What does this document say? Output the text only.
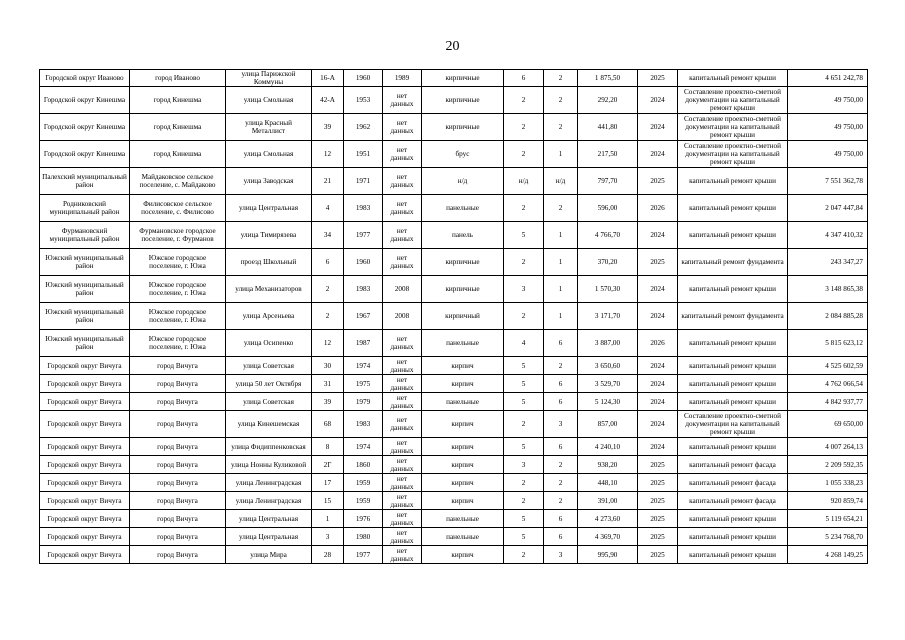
20
Городской округ Иваново	город Иваново	улица Парижской Коммуны	16-А	1960	1989	кирпичные	6	2	1 875,50	2025	капитальный ремонт крыши	4 651 242,78
Городской округ Кинешма	город Кинешма	улица Смольная	42-А	1953	нет данных	кирпичные	2	2	292,20	2024	Составление проектно-сметной документации на капитальный ремонт крыши	49 750,00
Городской округ Кинешма	город Кинешма	улица Красный Металлист	39	1962	нет данных	кирпичные	2	2	441,80	2024	Составление проектно-сметной документации на капитальный ремонт крыши	49 750,00
Городской округ Кинешма	город Кинешма	улица Смольная	12	1951	нет данных	брус	2	1	217,50	2024	Составление проектно-сметной документации на капитальный ремонт крыши	49 750,00
Палехский муниципальный район	Майдаковское сельское поселение, с. Майдаково	улица Заводская	21	1971	нет данных	н/д	н/д	н/д	797,70	2025	капитальный ремонт крыши	7 551 362,78
Родниковский муниципальный район	Филисовское сельское поселение, с. Филисово	улица Центральная	4	1983	нет данных	панельные	2	2	596,00	2026	капитальный ремонт крыши	2 047 447,84
Фурмановский муниципальный район	Фурмановское городское поселение, г. Фурманов	улица Тимирязева	34	1977	нет данных	панель	5	1	4 766,70	2024	капитальный ремонт крыши	4 347 410,32
Южский муниципальный район	Южское городское поселение, г. Южа	проезд Школьный	6	1960	нет данных	кирпичные	2	1	370,20	2025	капитальный ремонт фундамента	243 347,27
Южский муниципальный район	Южское городское поселение, г. Южа	улица Механизаторов	2	1983	2008	кирпичные	3	1	1 570,30	2024	капитальный ремонт крыши	3 148 865,38
Южский муниципальный район	Южское городское поселение, г. Южа	улица Арсеньева	2	1967	2008	кирпичный	2	1	3 171,70	2024	капитальный ремонт фундамента	2 084 885,28
Южский муниципальный район	Южское городское поселение, г. Южа	улица Осипенко	12	1987	нет данных	панельные	4	6	3 887,00	2026	капитальный ремонт крыши	5 815 623,12
Городской округ Вичуга	город Вичуга	улица Советская	30	1974	нет данных	кирпич	5	2	3 650,60	2024	капитальный ремонт крыши	4 525 602,59
Городской округ Вичуга	город Вичуга	улица 50 лет Октября	31	1975	нет данных	кирпич	5	6	3 529,70	2024	капитальный ремонт крыши	4 762 066,54
Городской округ Вичуга	город Вичуга	улица Советская	39	1979	нет данных	панельные	5	6	5 124,30	2024	капитальный ремонт крыши	4 842 937,77
Городской округ Вичуга	город Вичуга	улица Кинешемская	68	1983	нет данных	кирпич	2	3	857,00	2024	Составление проектно-сметной документации на капитальный ремонт крыши	69 650,00
Городской округ Вичуга	город Вичуга	улица Фидиппенковская	8	1974	нет данных	кирпич	5	6	4 240,10	2024	капитальный ремонт крыши	4 007 264,13
Городской округ Вичуга	город Вичуга	улица Нонны Куликовой	2Г	1860	нет данных	кирпич	3	2	938,20	2025	капитальный ремонт фасада	2 209 592,35
Городской округ Вичуга	город Вичуга	улица Ленинградская	17	1959	нет данных	кирпич	2	2	448,10	2025	капитальный ремонт фасада	1 055 338,23
Городской округ Вичуга	город Вичуга	улица Ленинградская	15	1959	нет данных	кирпич	2	2	391,00	2025	капитальный ремонт фасада	920 859,74
Городской округ Вичуга	город Вичуга	улица Центральная	1	1976	нет данных	панельные	5	6	4 273,60	2025	капитальный ремонт крыши	5 119 654,21
Городской округ Вичуга	город Вичуга	улица Центральная	3	1980	нет данных	панельные	5	6	4 369,70	2025	капитальный ремонт крыши	5 234 768,70
Городской округ Вичуга	город Вичуга	улица Мира	28	1977	нет данных	кирпич	2	3	995,90	2025	капитальный ремонт крыши	4 268 149,25
